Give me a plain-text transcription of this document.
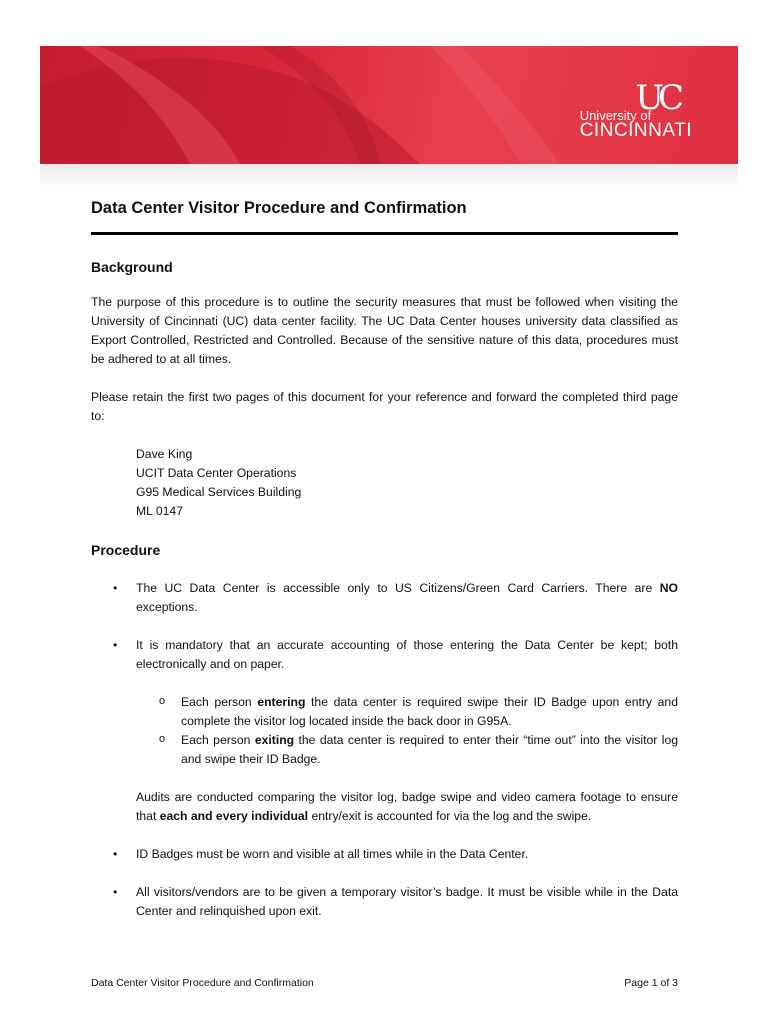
UC
University of
CINCINNATI
Data Center Visitor Procedure and Confirmation
Background

The purpose of this procedure is to outline the security measures that must be followed when visiting the University of Cincinnati (UC) data center facility. The UC Data Center houses university data classified as Export Controlled, Restricted and Controlled. Because of the sensitive nature of this data, procedures must be adhered to at all times.

Please retain the first two pages of this document for your reference and forward the completed third page to:

Dave King
UCIT Data Center Operations
G95 Medical Services Building
ML 0147
Procedure

• The UC Data Center is accessible only to US Citizens/Green Card Carriers. There are NO exceptions.

• It is mandatory that an accurate accounting of those entering the Data Center be kept; both electronically and on paper.

o Each person entering the data center is required swipe their ID Badge upon entry and complete the visitor log located inside the back door in G95A.

o Each person exiting the data center is required to enter their “time out” into the visitor log and swipe their ID Badge.

Audits are conducted comparing the visitor log, badge swipe and video camera footage to ensure that each and every individual entry/exit is accounted for via the log and the swipe.

• ID Badges must be worn and visible at all times while in the Data Center.

• All visitors/vendors are to be given a temporary visitor’s badge. It must be visible while in the Data Center and relinquished upon exit.

Data Center Visitor Procedure and Confirmation	Page 1 of 3
